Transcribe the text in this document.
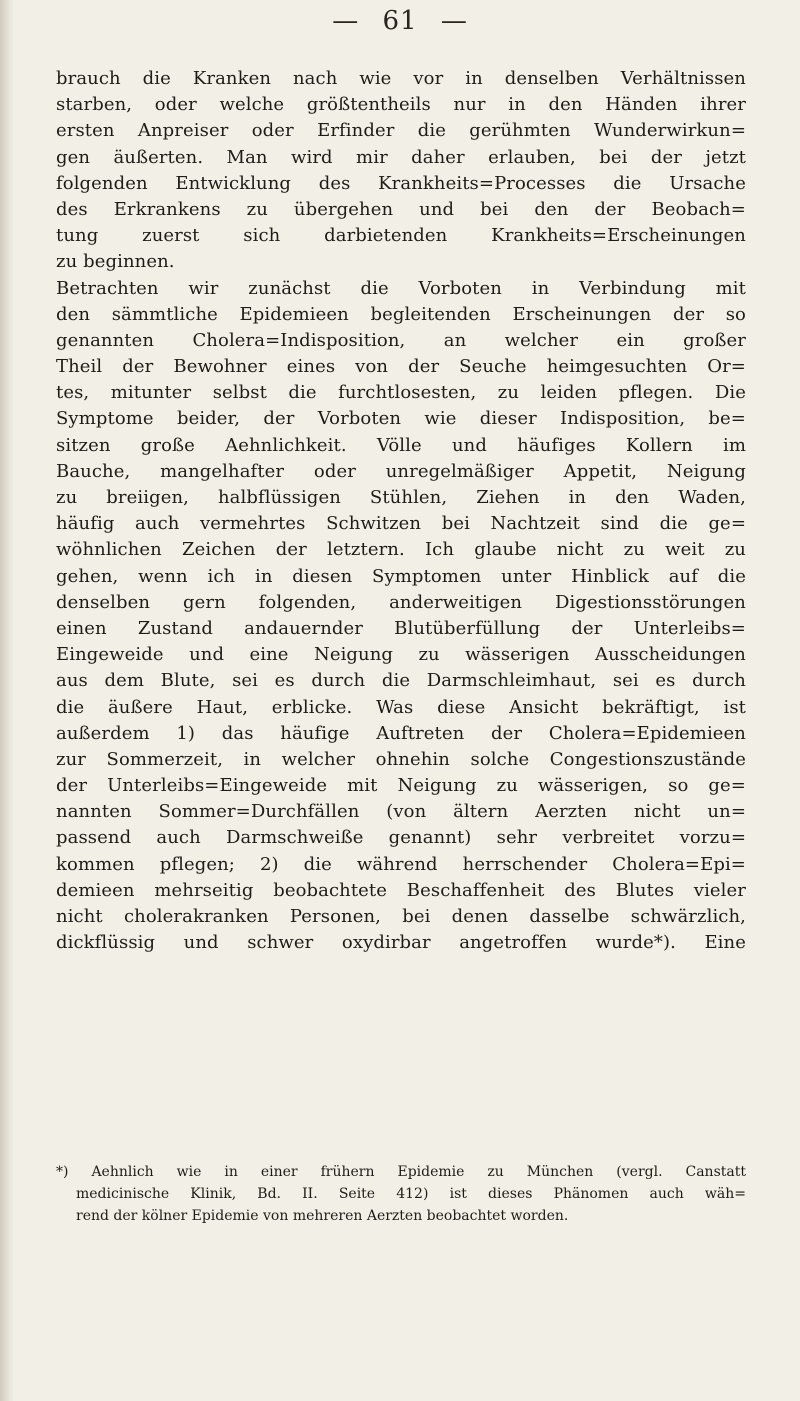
— 61 —
brauch die Kranken nach wie vor in denselben Verhältnissen
starben, oder welche größtentheils nur in den Händen ihrer
ersten Anpreiser oder Erfinder die gerühmten Wunderwirkun=
gen äußerten. Man wird mir daher erlauben, bei der jetzt
folgenden Entwicklung des Krankheits=Processes die Ursache
des Erkrankens zu übergehen und bei den der Beobach=
tung zuerst sich darbietenden Krankheits=Erscheinungen
zu beginnen.
Betrachten wir zunächst die Vorboten in Verbindung mit
den sämmtliche Epidemieen begleitenden Erscheinungen der so
genannten Cholera=Indisposition, an welcher ein großer
Theil der Bewohner eines von der Seuche heimgesuchten Or=
tes, mitunter selbst die furchtlosesten, zu leiden pflegen. Die
Symptome beider, der Vorboten wie dieser Indisposition, be=
sitzen große Aehnlichkeit. Völle und häufiges Kollern im
Bauche, mangelhafter oder unregelmäßiger Appetit, Neigung
zu breiigen, halbflüssigen Stühlen, Ziehen in den Waden,
häufig auch vermehrtes Schwitzen bei Nachtzeit sind die ge=
wöhnlichen Zeichen der letztern. Ich glaube nicht zu weit zu
gehen, wenn ich in diesen Symptomen unter Hinblick auf die
denselben gern folgenden, anderweitigen Digestionsstörungen
einen Zustand andauernder Blutüberfüllung der Unterleibs=
Eingeweide und eine Neigung zu wässerigen Ausscheidungen
aus dem Blute, sei es durch die Darmschleimhaut, sei es durch
die äußere Haut, erblicke. Was diese Ansicht bekräftigt, ist
außerdem 1) das häufige Auftreten der Cholera=Epidemieen
zur Sommerzeit, in welcher ohnehin solche Congestionszustände
der Unterleibs=Eingeweide mit Neigung zu wässerigen, so ge=
nannten Sommer=Durchfällen (von ältern Aerzten nicht un=
passend auch Darmschweiße genannt) sehr verbreitet vorzu=
kommen pflegen; 2) die während herrschender Cholera=Epi=
demieen mehrseitig beobachtete Beschaffenheit des Blutes vieler
nicht cholerakranken Personen, bei denen dasselbe schwärzlich,
dickflüssig und schwer oxydirbar angetroffen wurde*). Eine
*) Aehnlich wie in einer frühern Epidemie zu München (vergl. Canstatt
medicinische Klinik, Bd. II. Seite 412) ist dieses Phänomen auch wäh=
rend der kölner Epidemie von mehreren Aerzten beobachtet worden.
